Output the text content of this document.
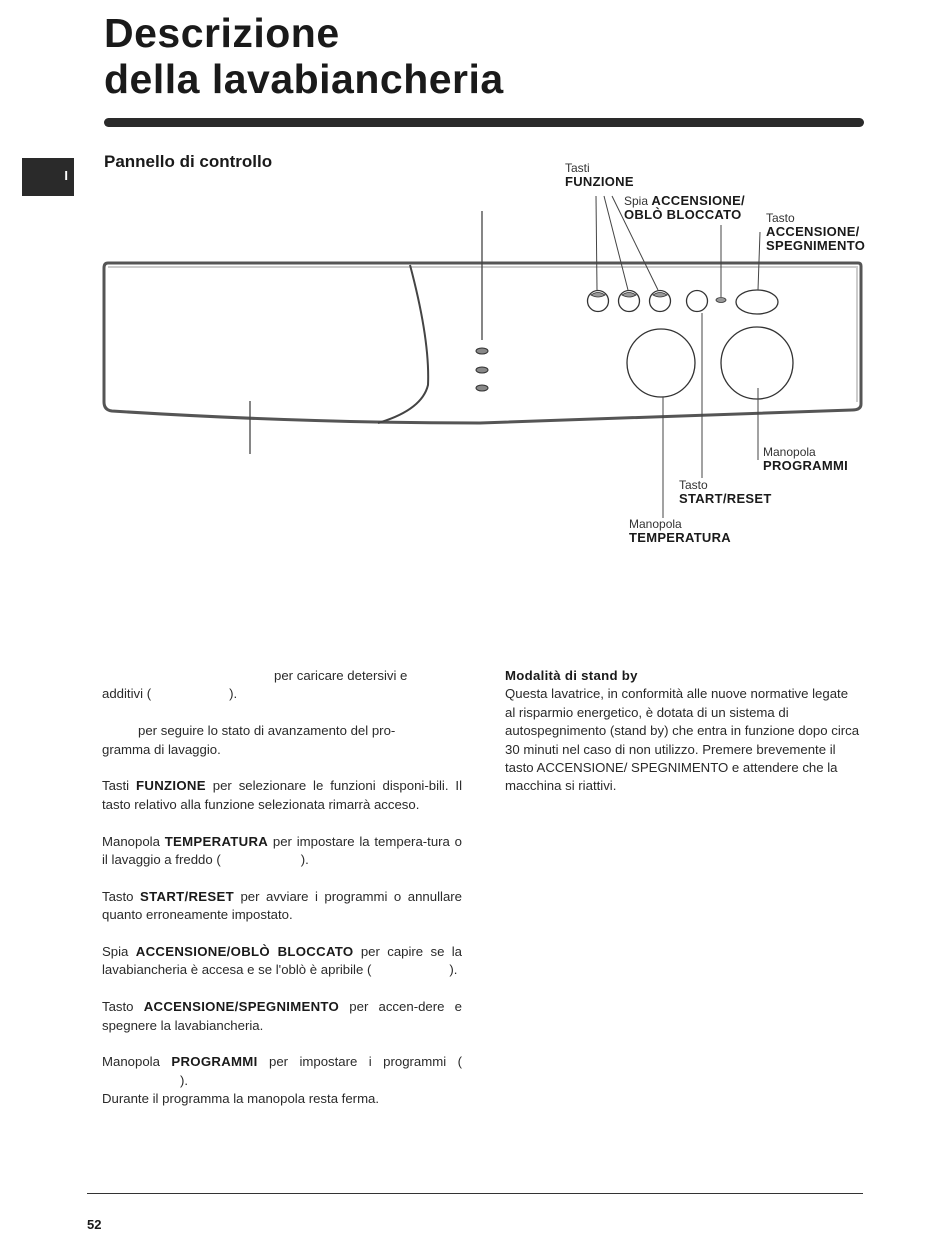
Descrizione
della lavabiancheria
I
Pannello di controllo	Tasti
FUNZIONE
Spia ACCENSIONE/
OBLÒ BLOCCATO Tasto
ACCENSIONE/
SPEGNIMENTO
Manopola
PROGRAMMI
Tasto
START/RESET
Manopola
TEMPERATURA

per caricare detersivi e
additivi (	).

per seguire lo stato di avanzamento del pro-
gramma di lavaggio.

Tasti FUNZIONE per selezionare le funzioni disponi-bili. Il tasto relativo alla funzione selezionata rimarrà acceso.

Manopola TEMPERATURA per impostare la tempera-tura o il lavaggio a freddo (	).

Tasto START/RESET per avviare i programmi o annullare quanto erroneamente impostato.

Spia ACCENSIONE/OBLÒ BLOCCATO per capire se la lavabiancheria è accesa e se l'oblò è apribile (	).

Tasto ACCENSIONE/SPEGNIMENTO per accen-dere e spegnere la lavabiancheria.

Manopola PROGRAMMI per impostare i programmi ().
Durante il programma la manopola resta ferma.

Modalità di stand by
Questa lavatrice, in conformità alle nuove normative legate al risparmio energetico, è dotata di un sistema di autospegnimento (stand by) che entra in funzione dopo circa 30 minuti nel caso di non utilizzo. Premere brevemente il tasto ACCENSIONE/ SPEGNIMENTO e attendere che la macchina si riattivi.
52
